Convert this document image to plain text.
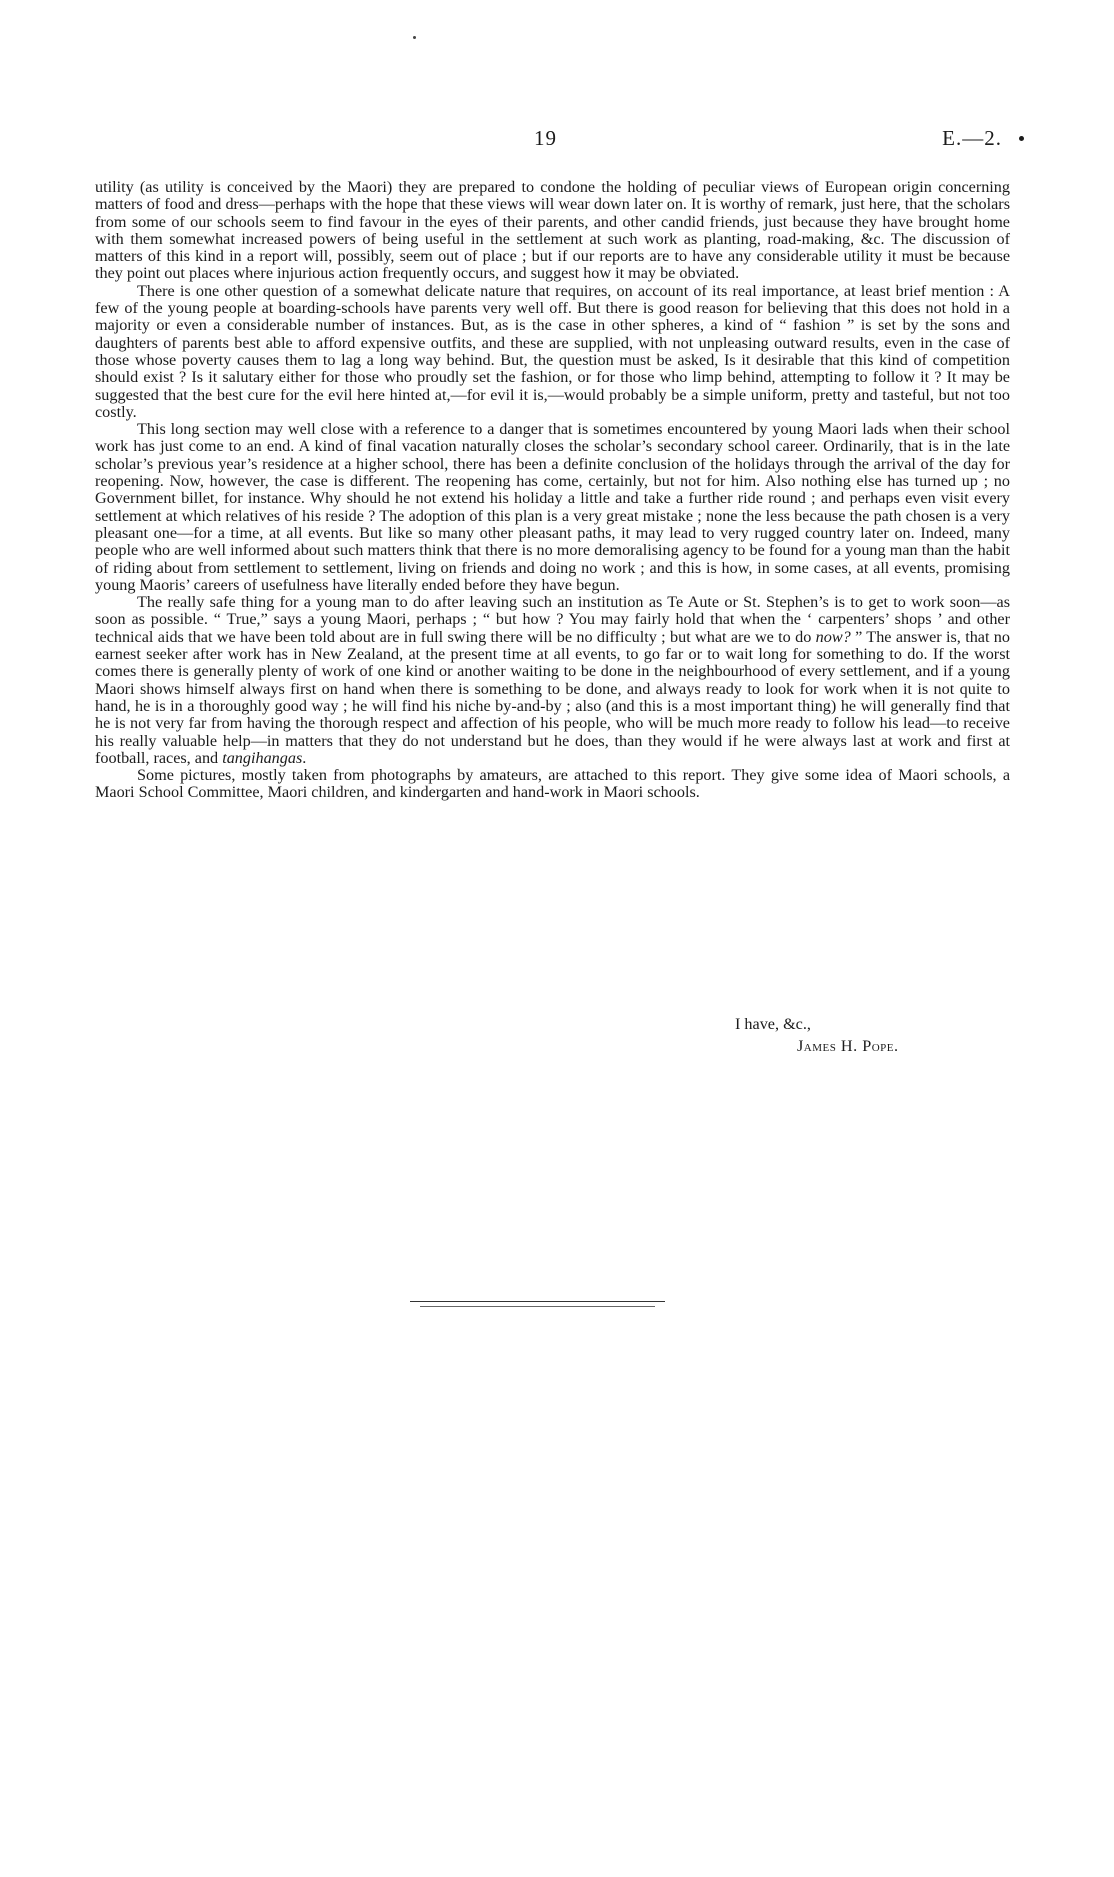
19	E.—2.

utility (as utility is conceived by the Maori) they are prepared to condone the holding of peculiar views of European origin concerning matters of food and dress—perhaps with the hope that these views will wear down later on. It is worthy of remark, just here, that the scholars from some of our schools seem to find favour in the eyes of their parents, and other candid friends, just because they have brought home with them somewhat increased powers of being useful in the settlement at such work as planting, road-making, &c. The discussion of matters of this kind in a report will, possibly, seem out of place ; but if our reports are to have any considerable utility it must be because they point out places where injurious action frequently occurs, and suggest how it may be obviated.

There is one other question of a somewhat delicate nature that requires, on account of its real importance, at least brief mention : A few of the young people at boarding-schools have parents very well off. But there is good reason for believing that this does not hold in a majority or even a considerable number of instances. But, as is the case in other spheres, a kind of “ fashion ” is set by the sons and daughters of parents best able to afford expensive outfits, and these are supplied, with not unpleasing outward results, even in the case of those whose poverty causes them to lag a long way behind. But, the question must be asked, Is it desirable that this kind of competition should exist ? Is it salutary either for those who proudly set the fashion, or for those who limp behind, attempting to follow it ? It may be suggested that the best cure for the evil here hinted at,—for evil it is,—would probably be a simple uniform, pretty and tasteful, but not too costly.

This long section may well close with a reference to a danger that is sometimes encountered by young Maori lads when their school work has just come to an end. A kind of final vacation naturally closes the scholar’s secondary school career. Ordinarily, that is in the late scholar’s previous year’s residence at a higher school, there has been a definite conclusion of the holidays through the arrival of the day for reopening. Now, however, the case is different. The reopening has come, certainly, but not for him. Also nothing else has turned up ; no Government billet, for instance. Why should he not extend his holiday a little and take a further ride round ; and perhaps even visit every settlement at which relatives of his reside ? The adoption of this plan is a very great mistake ; none the less because the path chosen is a very pleasant one—for a time, at all events. But like so many other pleasant paths, it may lead to very rugged country later on. Indeed, many people who are well informed about such matters think that there is no more demoralising agency to be found for a young man than the habit of riding about from settlement to settlement, living on friends and doing no work ; and this is how, in some cases, at all events, promising young Maoris’ careers of usefulness have literally ended before they have begun.

The really safe thing for a young man to do after leaving such an institution as Te Aute or St. Stephen’s is to get to work soon—as soon as possible. “ True,” says a young Maori, perhaps ; “ but how ? You may fairly hold that when the ‘ carpenters’ shops ’ and other technical aids that we have been told about are in full swing there will be no difficulty ; but what are we to do now? ” The answer is, that no earnest seeker after work has in New Zealand, at the present time at all events, to go far or to wait long for something to do. If the worst comes there is generally plenty of work of one kind or another waiting to be done in the neighbourhood of every settlement, and if a young Maori shows himself always first on hand when there is something to be done, and always ready to look for work when it is not quite to hand, he is in a thoroughly good way ; he will find his niche by-and-by ; also (and this is a most important thing) he will generally find that he is not very far from having the thorough respect and affection of his people, who will be much more ready to follow his lead—to receive his really valuable help—in matters that they do not understand but he does, than they would if he were always last at work and first at football, races, and tangihangas.

Some pictures, mostly taken from photographs by amateurs, are attached to this report. They give some idea of Maori schools, a Maori School Committee, Maori children, and kindergarten and hand-work in Maori schools.

I have, &c.,
James H. Pope.
